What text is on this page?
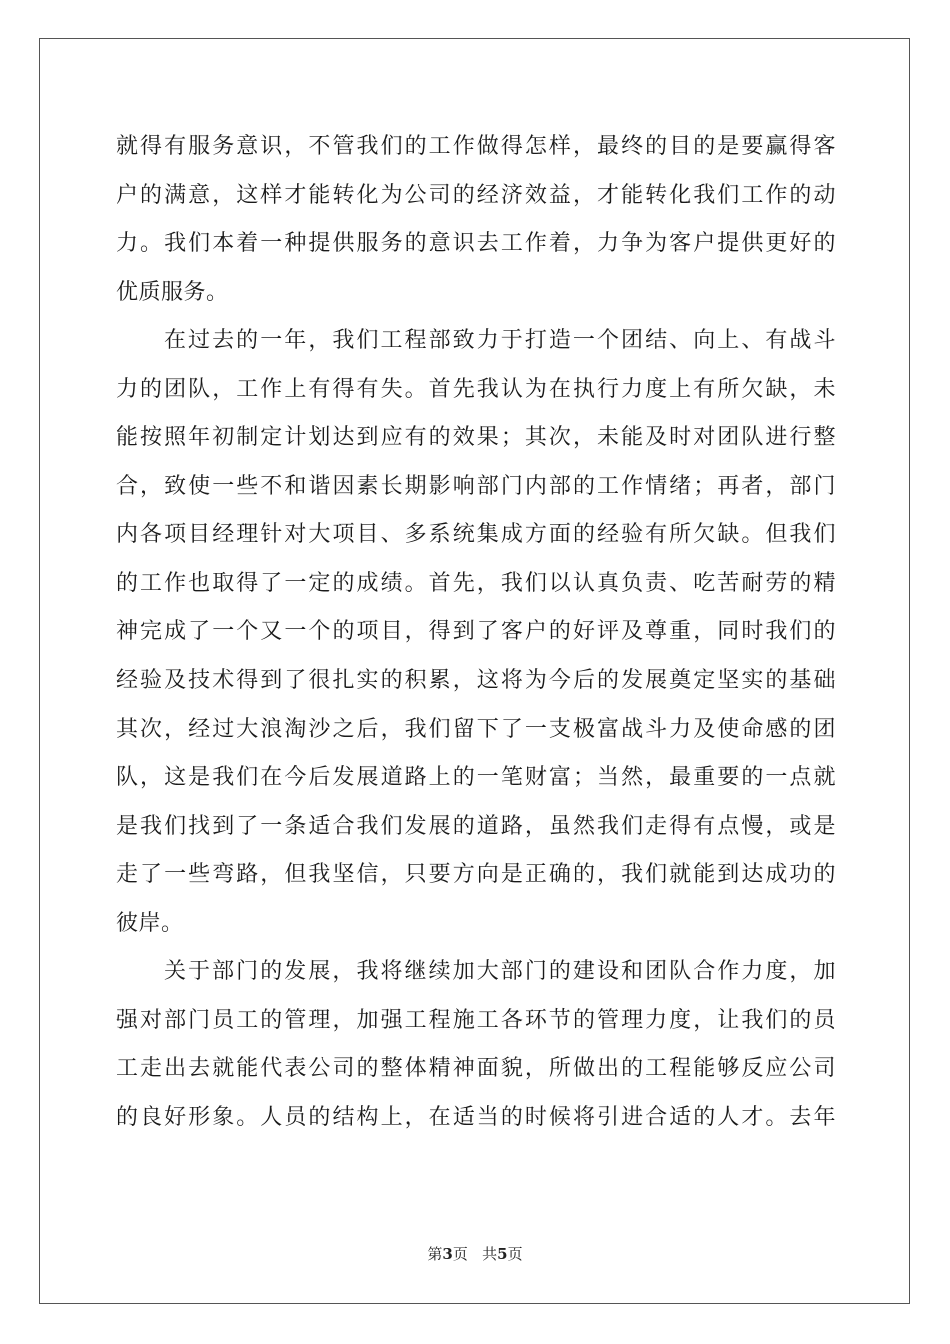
就得有服务意识，不管我们的工作做得怎样，最终的目的是要赢得客
户的满意，这样才能转化为公司的经济效益，才能转化我们工作的动
力。我们本着一种提供服务的意识去工作着，力争为客户提供更好的
优质服务。
在过去的一年，我们工程部致力于打造一个团结、向上、有战斗
力的团队，工作上有得有失。首先我认为在执行力度上有所欠缺，未
能按照年初制定计划达到应有的效果；其次，未能及时对团队进行整
合，致使一些不和谐因素长期影响部门内部的工作情绪；再者，部门
内各项目经理针对大项目、多系统集成方面的经验有所欠缺。但我们
的工作也取得了一定的成绩。首先，我们以认真负责、吃苦耐劳的精
神完成了一个又一个的项目，得到了客户的好评及尊重，同时我们的
经验及技术得到了很扎实的积累，这将为今后的发展奠定坚实的基础
其次，经过大浪淘沙之后，我们留下了一支极富战斗力及使命感的团
队，这是我们在今后发展道路上的一笔财富；当然，最重要的一点就
是我们找到了一条适合我们发展的道路，虽然我们走得有点慢，或是
走了一些弯路，但我坚信，只要方向是正确的，我们就能到达成功的
彼岸。
关于部门的发展，我将继续加大部门的建设和团队合作力度，加
强对部门员工的管理，加强工程施工各环节的管理力度，让我们的员
工走出去就能代表公司的整体精神面貌，所做出的工程能够反应公司
的良好形象。人员的结构上，在适当的时候将引进合适的人才。去年
第3页 共5页
